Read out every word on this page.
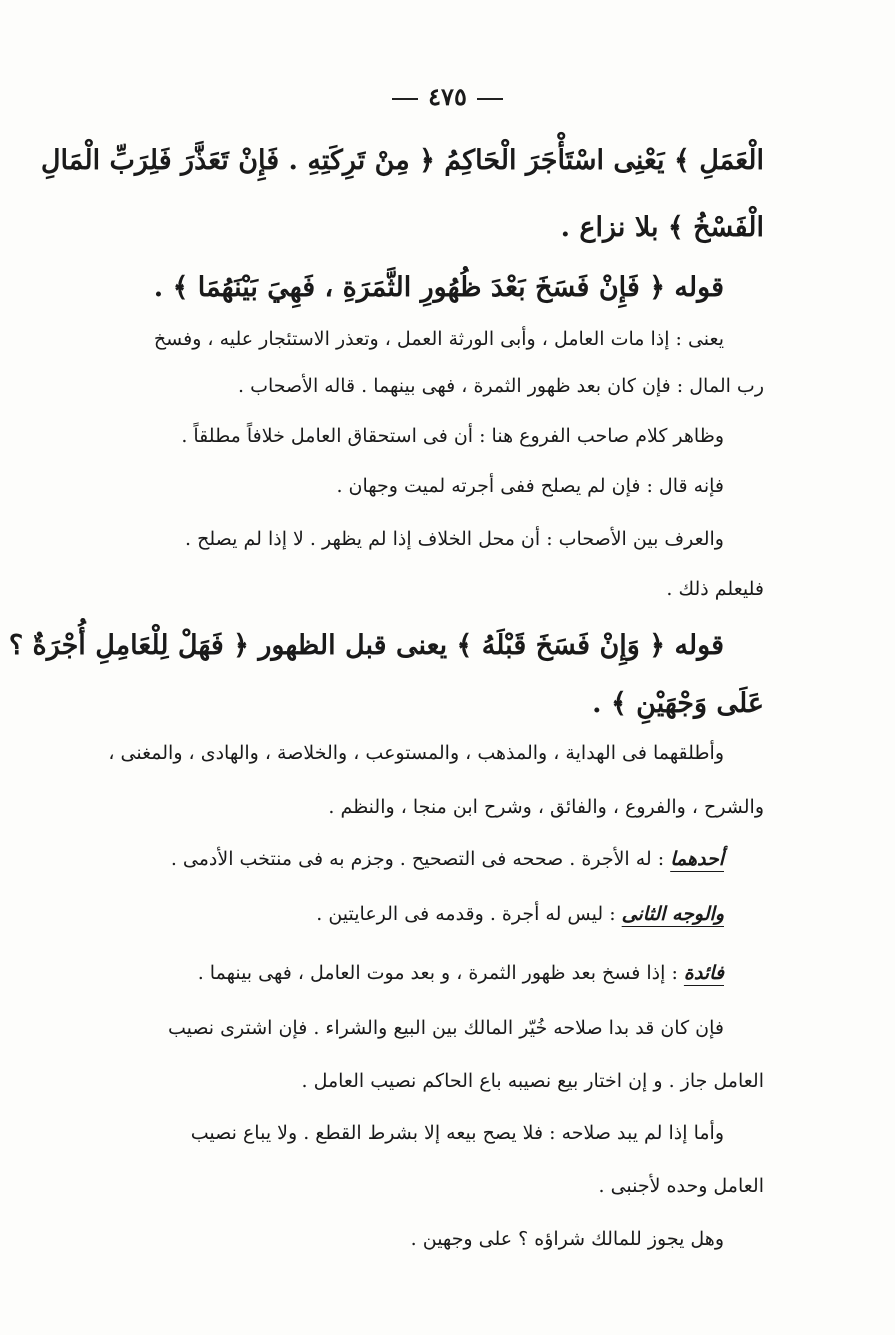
٤٧٥
الْعَمَلِ ﴾ يَعْنِى اسْتَأْجَرَ الْحَاكِمُ ﴿ مِنْ تَرِكَتِهِ . فَإِنْ تَعَذَّرَ فَلِرَبِّ الْمَالِ
الْفَسْخُ ﴾ بلا نزاع .
قوله ﴿ فَإِنْ فَسَخَ بَعْدَ ظُهُورِ الثَّمَرَةِ ، فَهِيَ بَيْنَهُمَا ﴾ .
يعنى : إذا مات العامل ، وأبى الورثة العمل ، وتعذر الاستئجار عليه ، وفسخ
رب المال : فإن كان بعد ظهور الثمرة ، فهى بينهما . قاله الأصحاب .
وظاهر كلام صاحب الفروع هنا : أن فى استحقاق العامل خلافاً مطلقاً .
فإنه قال : فإن لم يصلح ففى أجرته لميت وجهان .
والعرف بين الأصحاب : أن محل الخلاف إذا لم يظهر . لا إذا لم يصلح .
فليعلم ذلك .
قوله ﴿ وَإِنْ فَسَخَ قَبْلَهُ ﴾ يعنى قبل الظهور ﴿ فَهَلْ لِلْعَامِلِ أُجْرَةٌ ؟
عَلَى وَجْهَيْنِ ﴾ .
وأطلقهما فى الهداية ، والمذهب ، والمستوعب ، والخلاصة ، والهادى ، والمغنى ،
والشرح ، والفروع ، والفائق ، وشرح ابن منجا ، والنظم .
أحدهما : له الأجرة . صححه فى التصحيح . وجزم به فى منتخب الأدمى .
والوجه الثانى : ليس له أجرة . وقدمه فى الرعايتين .
فائدة : إذا فسخ بعد ظهور الثمرة ، و بعد موت العامل ، فهى بينهما .
فإن كان قد بدا صلاحه خُيّر المالك بين البيع والشراء . فإن اشترى نصيب
العامل جاز . و إن اختار بيع نصيبه باع الحاكم نصيب العامل .
وأما إذا لم يبد صلاحه : فلا يصح بيعه إلا بشرط القطع . ولا يباع نصيب
العامل وحده لأجنبى .
وهل يجوز للمالك شراؤه ؟ على وجهين .
